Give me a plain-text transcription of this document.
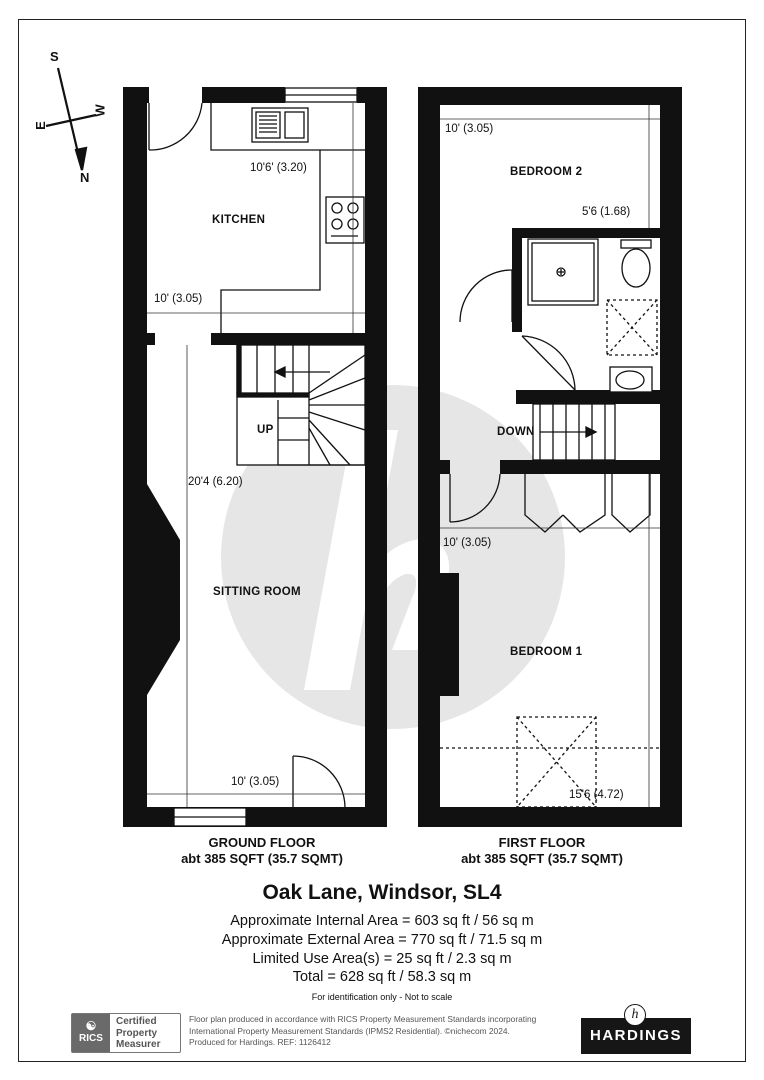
S
W
E
N
KITCHEN
10'6' (3.20)
10' (3.05)
UP
20'4 (6.20)
SITTING ROOM
10' (3.05)
10' (3.05)
BEDROOM 2
5'6 (1.68)
DOWN
10' (3.05)
BEDROOM 1
15'6 (4.72)
GROUND FLOOR
abt 385 SQFT (35.7 SQMT)
FIRST FLOOR
abt 385 SQFT (35.7 SQMT)
Oak Lane, Windsor, SL4
Approximate Internal Area = 603 sq ft / 56 sq m
Approximate External Area = 770 sq ft / 71.5 sq m
Limited Use Area(s) = 25 sq ft / 2.3 sq m
Total = 628 sq ft / 58.3 sq m
For identification only - Not to scale
☯
RICS
Certified
Property
Measurer
Floor plan produced in accordance with RICS Property Measurement Standards incorporating
International Property Measurement Standards (IPMS2 Residential). ©nichecom 2024.
Produced for Hardings. REF: 1126412	HARDINGS
h
